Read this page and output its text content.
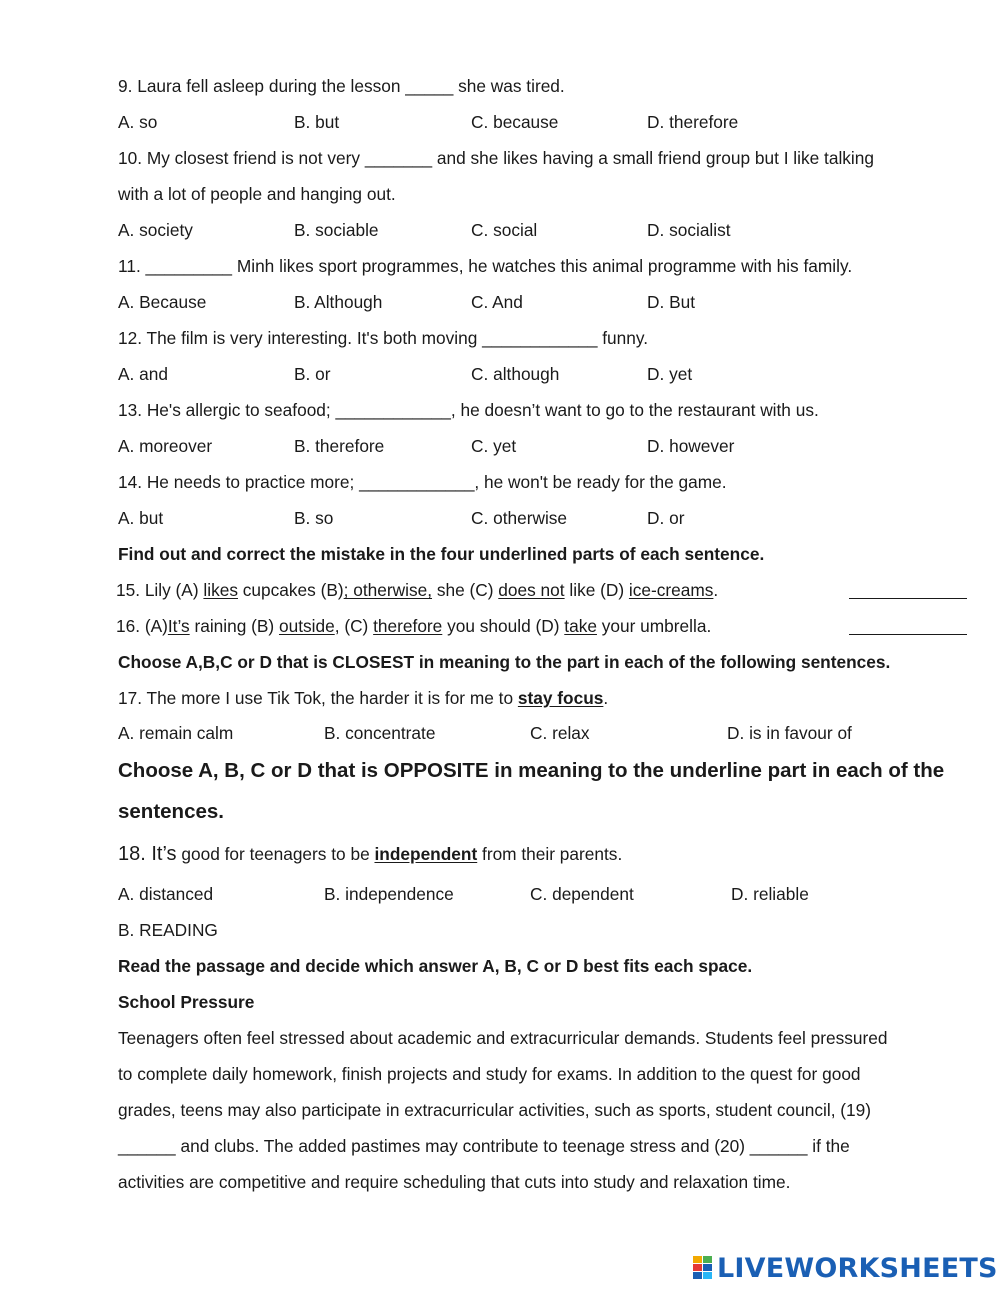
9. Laura fell asleep during the lesson _____ she was tired.
A. so	B. but	C. because	D. therefore
10. My closest friend is not very _______ and she likes having a small friend group but I like talking
with a lot of people and hanging out.
A. society	B. sociable	C. social	D. socialist
11. _________ Minh likes sport programmes, he watches this animal programme with his family.
A. Because	B. Although	C. And	D. But
12. The film is very interesting. It's both moving ____________ funny.
A. and	B. or	C. although	D. yet
13. He's allergic to seafood; ____________, he doesn’t want to go to the restaurant with us.
A. moreover	B. therefore	C. yet	D. however
14. He needs to practice more; ____________, he won't be ready for the game.
A. but	B. so	C. otherwise	D. or
Find out and correct the mistake in the four underlined parts of each sentence.
15. Lily (A) likes cupcakes (B); otherwise, she (C) does not like (D) ice-creams.
16. (A)It’s raining (B) outside, (C) therefore you should (D) take your umbrella.
Choose A,B,C or D that is CLOSEST in meaning to the part in each of the following sentences.
17. The more I use Tik Tok, the harder it is for me to stay focus.
A. remain calm	B. concentrate	C. relax	D. is in favour of
Choose A, B, C or D that is OPPOSITE in meaning to the underline part in each of the
sentences.
18. It’s good for teenagers to be independent from their parents.
A. distanced	B. independence	C. dependent	D. reliable
B. READING
Read the passage and decide which answer A, B, C or D best fits each space.
School Pressure
Teenagers often feel stressed about academic and extracurricular demands. Students feel pressured
to complete daily homework, finish projects and study for exams. In addition to the quest for good
grades, teens may also participate in extracurricular activities, such as sports, student council, (19)
______ and clubs. The added pastimes may contribute to teenage stress and (20) ______ if the
activities are competitive and require scheduling that cuts into study and relaxation time.
LIVEWORKSHEETS
